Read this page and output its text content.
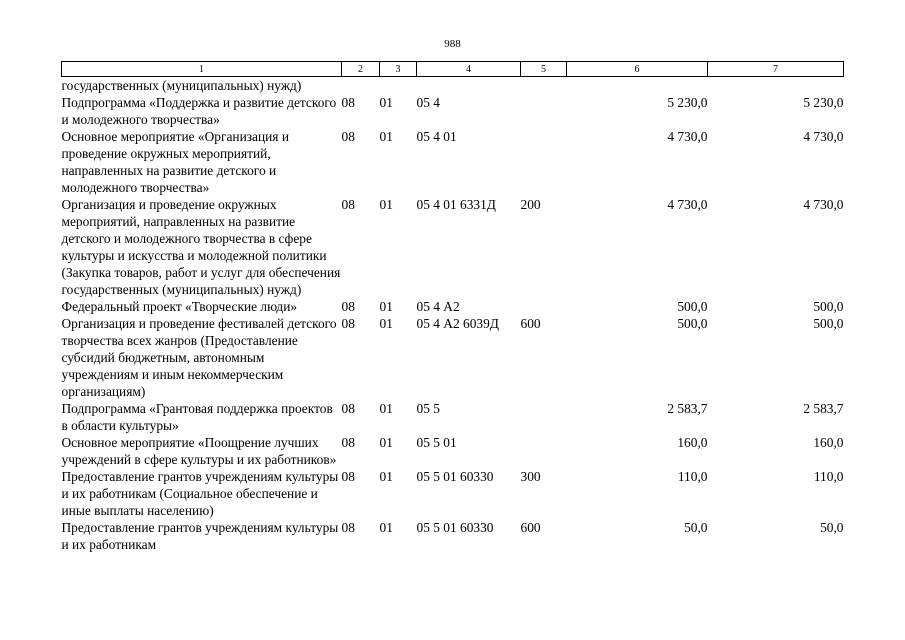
988
1	2	3	4	5	6	7
государственных (муниципальных) нужд)						
Подпрограмма «Поддержка и развитие детского и молодежного творчества»	08	01	05 4		5 230,0	5 230,0
Основное мероприятие «Организация и проведение окружных мероприятий, направленных на развитие детского и молодежного творчества»	08	01	05 4 01		4 730,0	4 730,0
Организация и проведение окружных мероприятий, направленных на развитие детского и молодежного творчества в сфере культуры и искусства и молодежной политики (Закупка товаров, работ и услуг для обеспечения государственных (муниципальных) нужд)	08	01	05 4 01 6331Д	200	4 730,0	4 730,0
Федеральный проект «Творческие люди»	08	01	05 4 А2		500,0	500,0
Организация и проведение фестивалей детского творчества всех жанров (Предоставление субсидий бюджетным, автономным учреждениям и иным некоммерческим организациям)	08	01	05 4 А2 6039Д	600	500,0	500,0
Подпрограмма «Грантовая поддержка проектов в области культуры»	08	01	05 5		2 583,7	2 583,7
Основное мероприятие «Поощрение лучших учреждений в сфере культуры и их работников»	08	01	05 5 01		160,0	160,0
Предоставление грантов учреждениям культуры и их работникам (Социальное обеспечение и иные выплаты населению)	08	01	05 5 01 60330	300	110,0	110,0
Предоставление грантов учреждениям культуры и их работникам	08	01	05 5 01 60330	600	50,0	50,0
